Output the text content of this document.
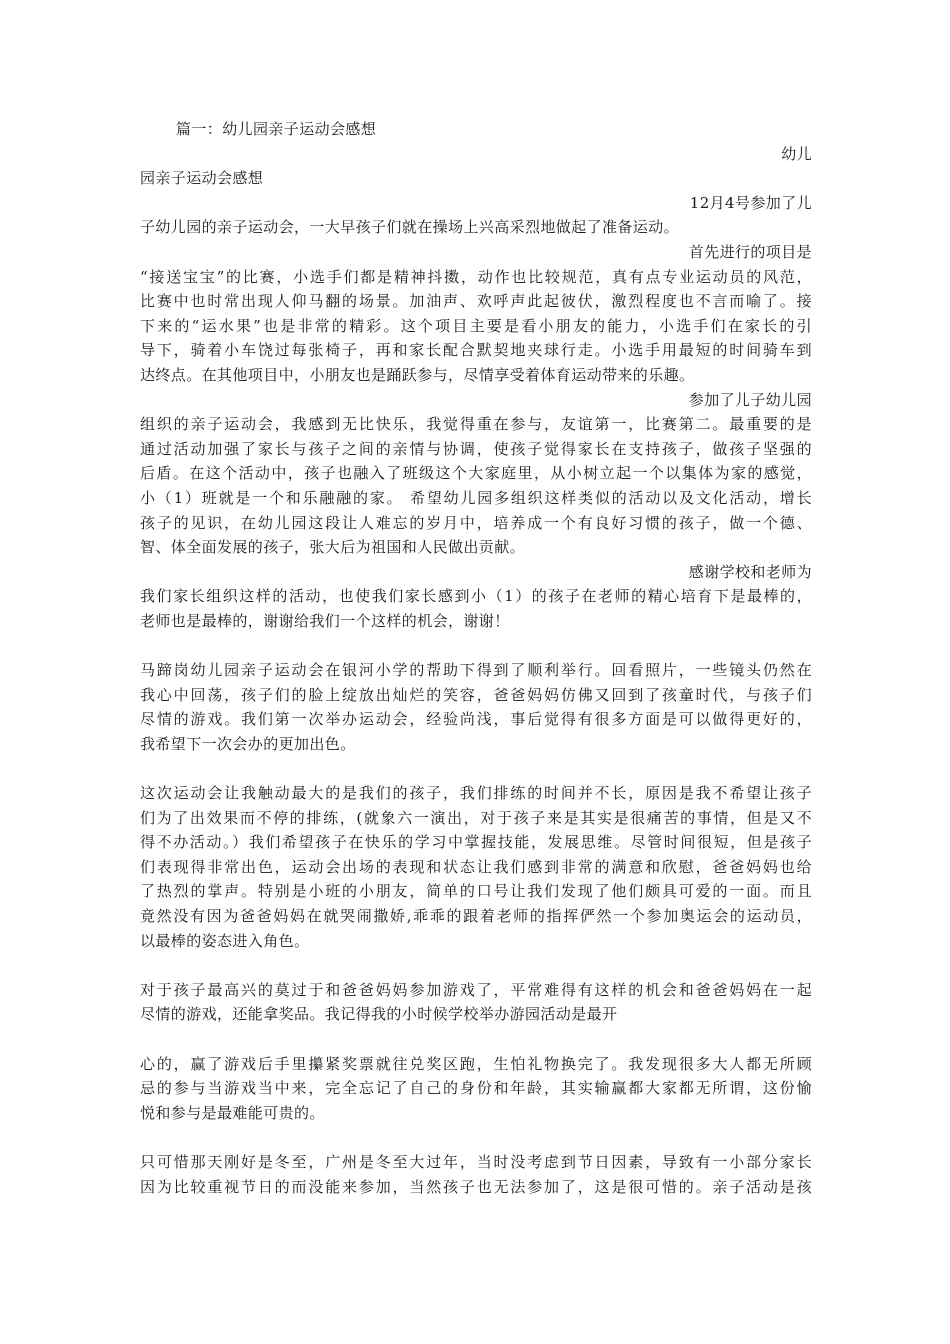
篇一：幼儿园亲子运动会感想
幼儿
园亲子运动会感想
12月4号参加了儿
子幼儿园的亲子运动会，一大早孩子们就在操场上兴高采烈地做起了准备运动。
首先进行的项目是
“接送宝宝”的比赛，小选手们都是精神抖擞，动作也比较规范，真有点专业运动员的风范，
比赛中也时常出现人仰马翻的场景。加油声、欢呼声此起彼伏，激烈程度也不言而喻了。接
下来的“运水果”也是非常的精彩。这个项目主要是看小朋友的能力，小选手们在家长的引
导下，骑着小车饶过每张椅子，再和家长配合默契地夹球行走。小选手用最短的时间骑车到
达终点。在其他项目中，小朋友也是踊跃参与，尽情享受着体育运动带来的乐趣。
参加了儿子幼儿园
组织的亲子运动会，我感到无比快乐，我觉得重在参与，友谊第一，比赛第二。最重要的是
通过活动加强了家长与孩子之间的亲情与协调，使孩子觉得家长在支持孩子，做孩子坚强的
后盾。在这个活动中，孩子也融入了班级这个大家庭里，从小树立起一个以集体为家的感觉，
小（1）班就是一个和乐融融的家。 希望幼儿园多组织这样类似的活动以及文化活动，增长
孩子的见识，在幼儿园这段让人难忘的岁月中，培养成一个有良好习惯的孩子，做一个德、
智、体全面发展的孩子，张大后为祖国和人民做出贡献。
感谢学校和老师为
我们家长组织这样的活动，也使我们家长感到小（1）的孩子在老师的精心培育下是最棒的，
老师也是最棒的，谢谢给我们一个这样的机会，谢谢！
马蹄岗幼儿园亲子运动会在银河小学的帮助下得到了顺利举行。回看照片，一些镜头仍然在
我心中回荡，孩子们的脸上绽放出灿烂的笑容，爸爸妈妈仿佛又回到了孩童时代，与孩子们
尽情的游戏。我们第一次举办运动会，经验尚浅，事后觉得有很多方面是可以做得更好的，
我希望下一次会办的更加出色。
这次运动会让我触动最大的是我们的孩子，我们排练的时间并不长，原因是我不希望让孩子
们为了出效果而不停的排练，(就象六一演出，对于孩子来是其实是很痛苦的事情，但是又不
得不办活动。）我们希望孩子在快乐的学习中掌握技能，发展思维。尽管时间很短，但是孩子
们表现得非常出色，运动会出场的表现和状态让我们感到非常的满意和欣慰，爸爸妈妈也给
了热烈的掌声。特别是小班的小朋友，简单的口号让我们发现了他们颇具可爱的一面。而且
竟然没有因为爸爸妈妈在就哭闹撒娇,乖乖的跟着老师的指挥俨然一个参加奥运会的运动员，
以最棒的姿态进入角色。
对于孩子最高兴的莫过于和爸爸妈妈参加游戏了，平常难得有这样的机会和爸爸妈妈在一起
尽情的游戏，还能拿奖品。我记得我的小时候学校举办游园活动是最开
心的，赢了游戏后手里攥紧奖票就往兑奖区跑，生怕礼物换完了。我发现很多大人都无所顾
忌的参与当游戏当中来，完全忘记了自己的身份和年龄，其实输赢都大家都无所谓，这份愉
悦和参与是最难能可贵的。
只可惜那天刚好是冬至，广州是冬至大过年，当时没考虑到节日因素，导致有一小部分家长
因为比较重视节日的而没能来参加，当然孩子也无法参加了，这是很可惜的。亲子活动是孩
